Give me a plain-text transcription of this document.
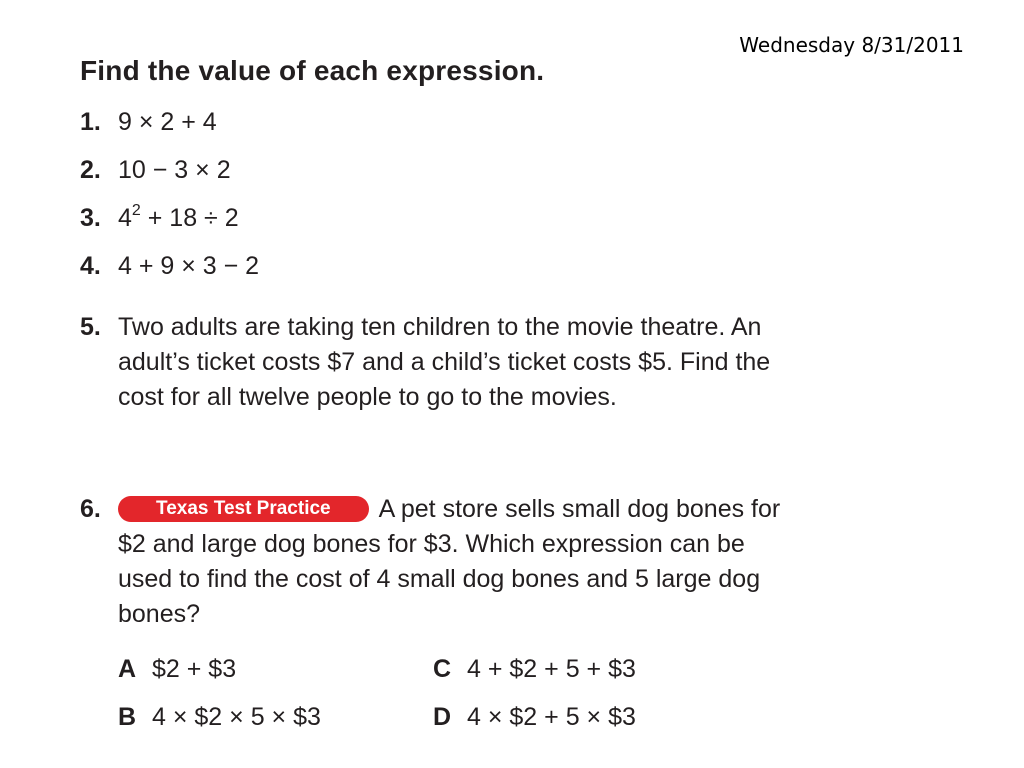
Wednesday 8/31/2011
Find the value of each expression.
1. 9 × 2 + 4
2. 10 − 3 × 2
3. $4^2 + 18 \div 2$
4. 4 + 9 × 3 − 2
5. Two adults are taking ten children to the movie theatre. An adult’s ticket costs $7 and a child’s ticket costs $5. Find the cost for all twelve people to go to the movies.
6.	Texas Test Practice A pet store sells small dog bones for $2 and large dog bones for $3. Which expression can be used to find the cost of 4 small dog bones and 5 large dog bones?
A $2 + $3	C 4 + $2 + 5 + $3
B 4 × $2 × 5 × $3	D 4 × $2 + 5 × $3
